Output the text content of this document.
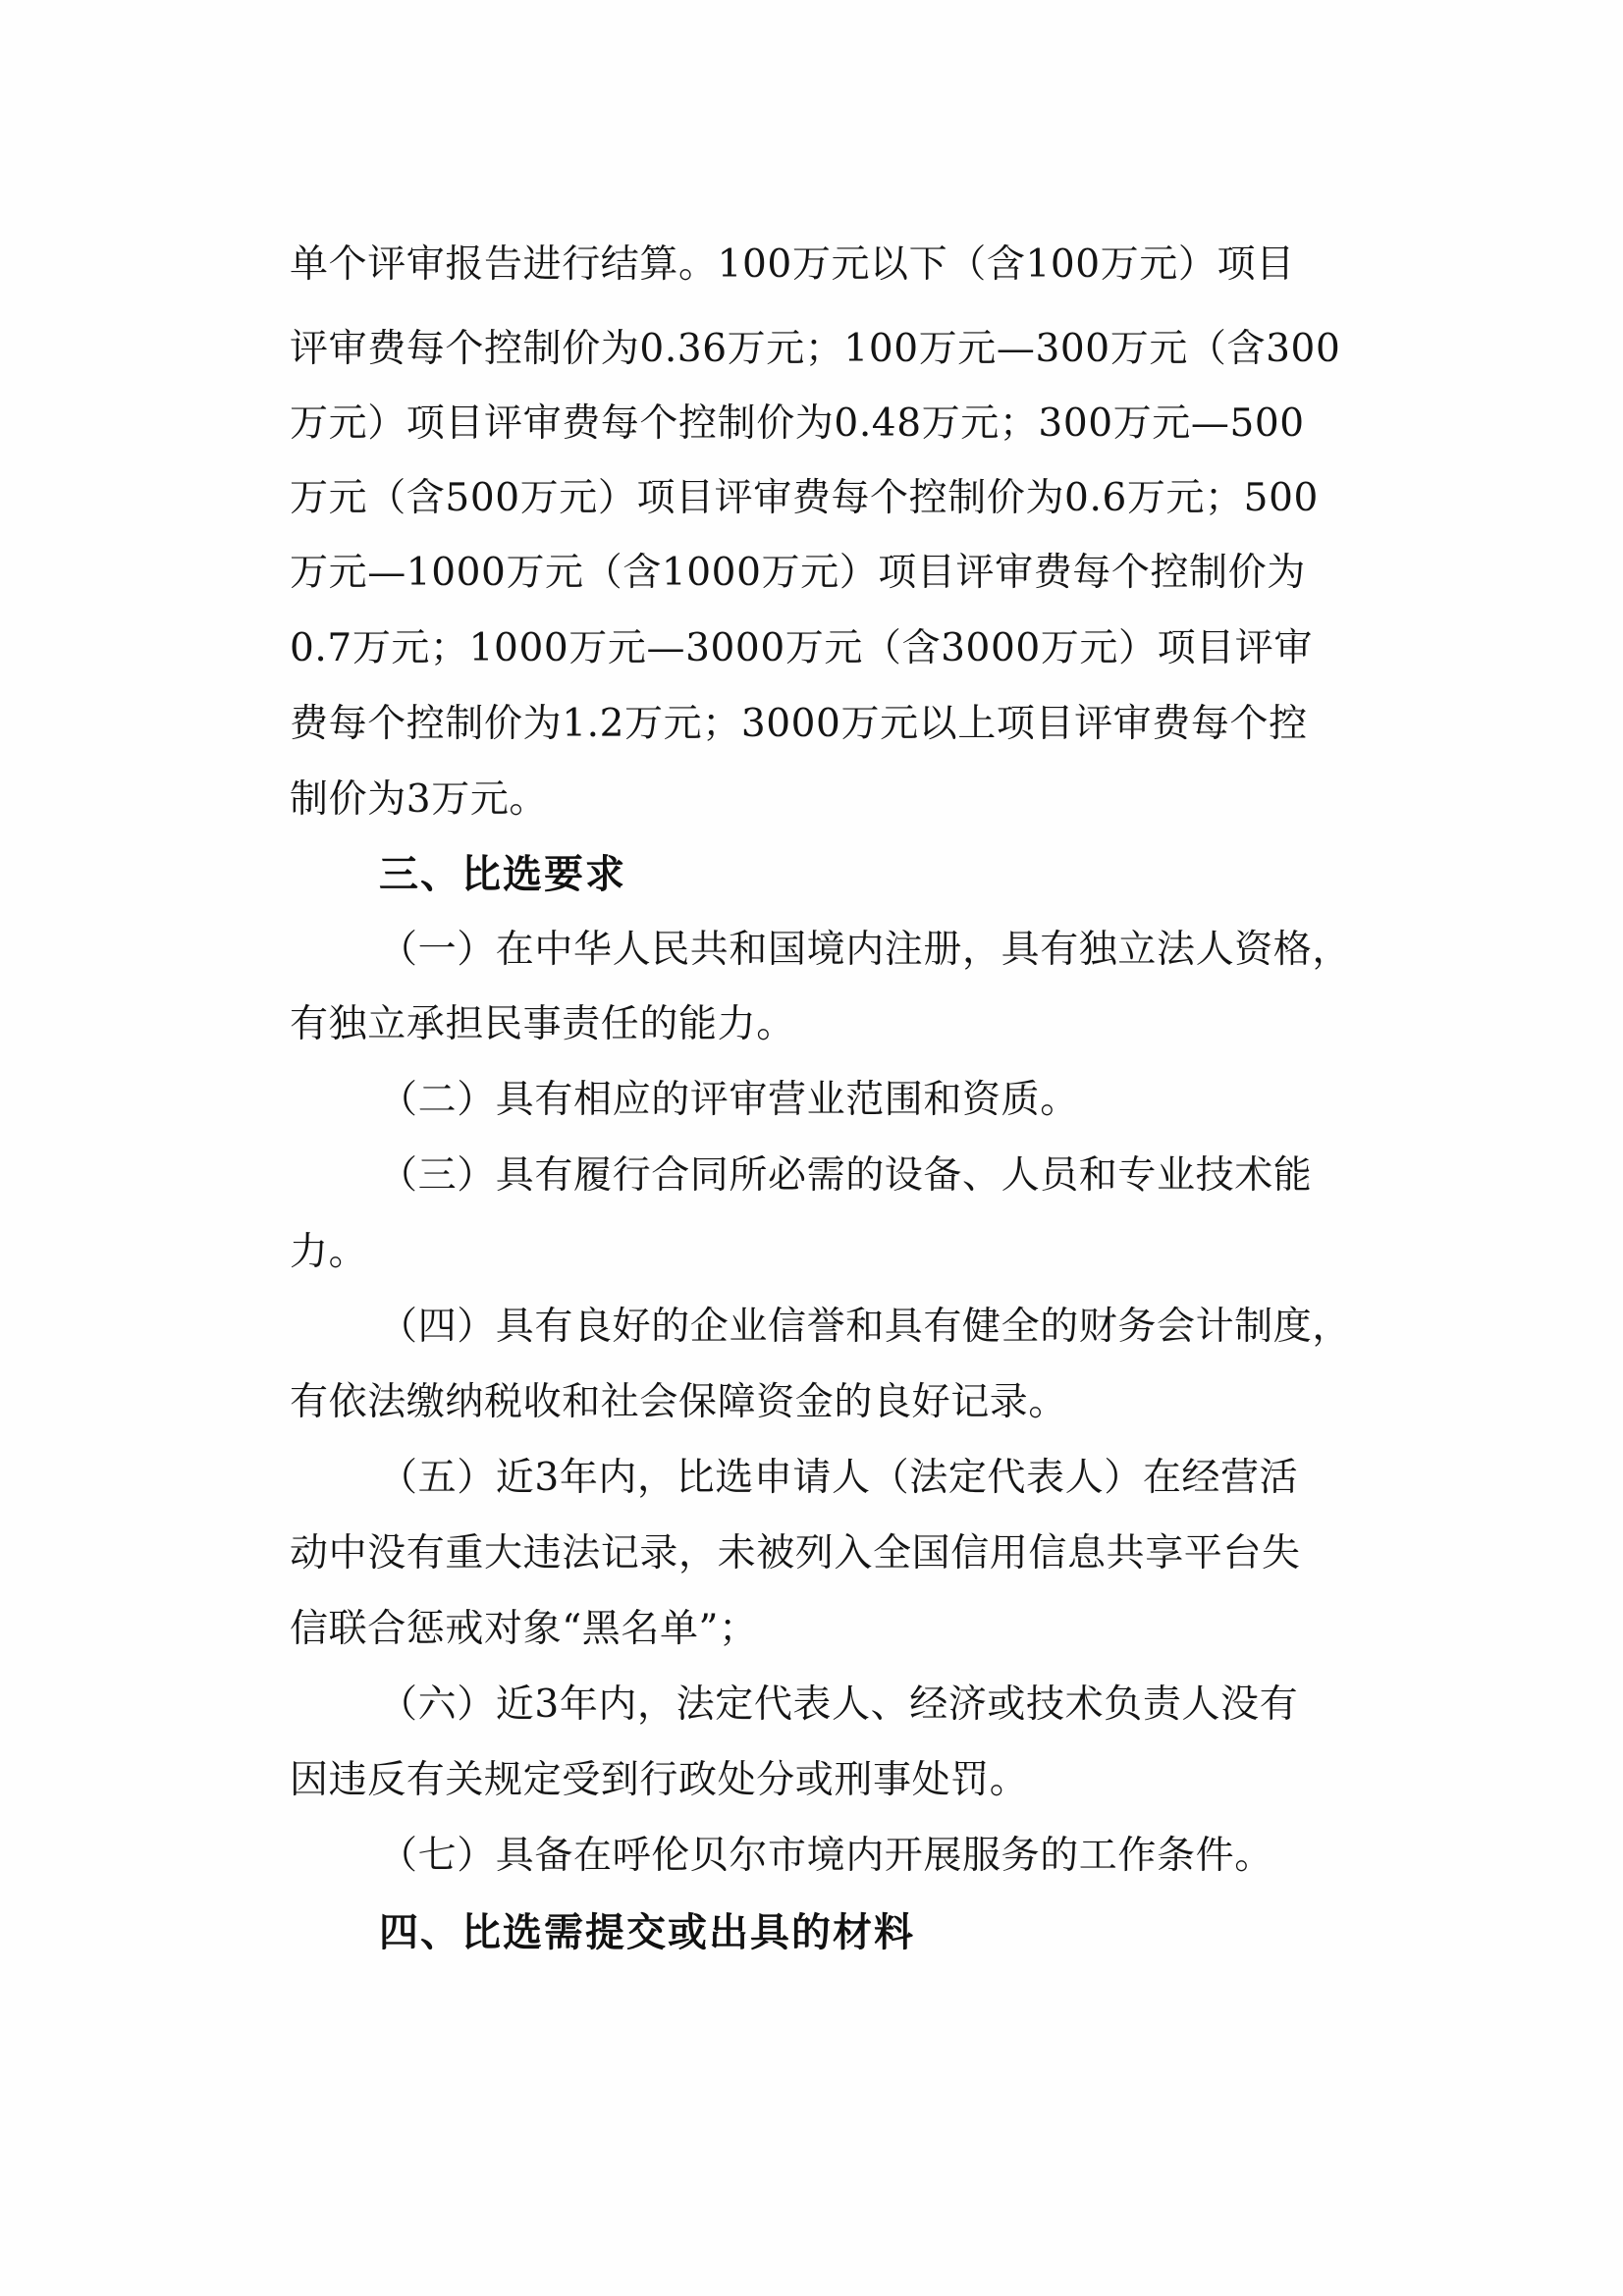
单个评审报告进行结算。100万元以下（含100万元）项目

评审费每个控制价为0.36万元；100万元—300万元（含300

万元）项目评审费每个控制价为0.48万元；300万元—500

万元（含500万元）项目评审费每个控制价为0.6万元；500

万元—1000万元（含1000万元）项目评审费每个控制价为

0.7万元；1000万元—3000万元（含3000万元）项目评审

费每个控制价为1.2万元；3000万元以上项目评审费每个控

制价为3万元。

三、比选要求

（一）在中华人民共和国境内注册，具有独立法人资格，

有独立承担民事责任的能力。

（二）具有相应的评审营业范围和资质。

（三）具有履行合同所必需的设备、人员和专业技术能

力。

（四）具有良好的企业信誉和具有健全的财务会计制度，

有依法缴纳税收和社会保障资金的良好记录。

（五）近3年内，比选申请人（法定代表人）在经营活

动中没有重大违法记录，未被列入全国信用信息共享平台失

信联合惩戒对象“黑名单”；

（六）近3年内，法定代表人、经济或技术负责人没有

因违反有关规定受到行政处分或刑事处罚。

（七）具备在呼伦贝尔市境内开展服务的工作条件。

四、比选需提交或出具的材料
